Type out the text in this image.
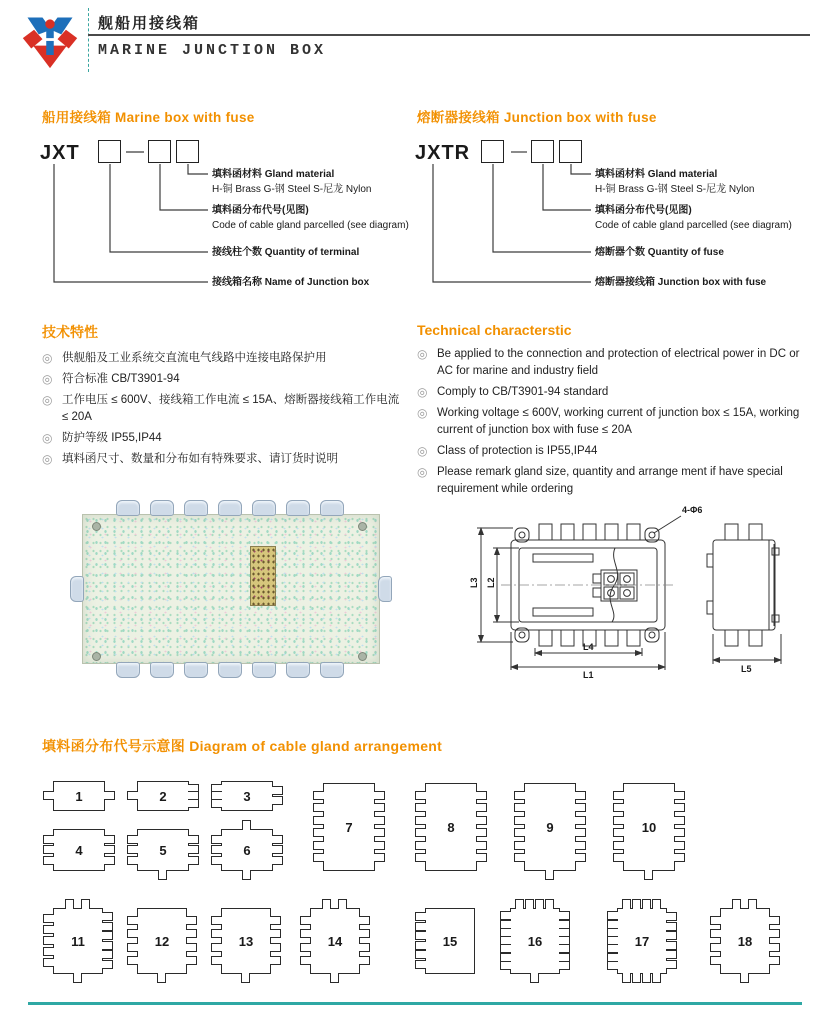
舰船用接线箱
MARINE JUNCTION BOX
船用接线箱 Marine box with fuse	熔断器接线箱 Junction box with fuse
JXT
填料函材料 Gland material
H-铜 Brass G-钢 Steel S-尼龙 Nylon
填料函分布代号(见图)
Code of cable gland parcelled (see diagram)
接线柱个数 Quantity of terminal
接线箱名称 Name of Junction box
JXTR
填料函材料 Gland material
H-铜 Brass G-钢 Steel S-尼龙 Nylon
填料函分布代号(见图)
Code of cable gland parcelled (see diagram)
熔断器个数 Quantity of fuse
熔断器接线箱 Junction box with fuse
技术特性
◎ 供舰船及工业系统交直流电气线路中连接电路保护用
◎ 符合标准 CB/T3901-94
◎ 工作电压 ≤ 600V、接线箱工作电流 ≤ 15A、熔断器接线箱工作电流 ≤ 20A
◎ 防护等级 IP55,IP44
◎ 填料函尺寸、数量和分布如有特殊要求、请订货时说明
Technical characterstic
◎ Be applied to the connection and protection of electrical power in DC or AC for marine and industry field
◎ Comply to CB/T3901-94 standard
◎ Working voltage ≤ 600V, working current of junction box ≤ 15A, working current of junction box with fuse ≤ 20A
◎ Class of protection is IP55,IP44
◎ Please remark gland size, quantity and arrange ment if have special requirement while ordering
4-Φ6
L4
L1
L3 L2
L5
填料函分布代号示意图 Diagram of cable gland arrangement
1	2	3
4	5	6
7	8	9	10
11	12	13	14	15	16	17	18
